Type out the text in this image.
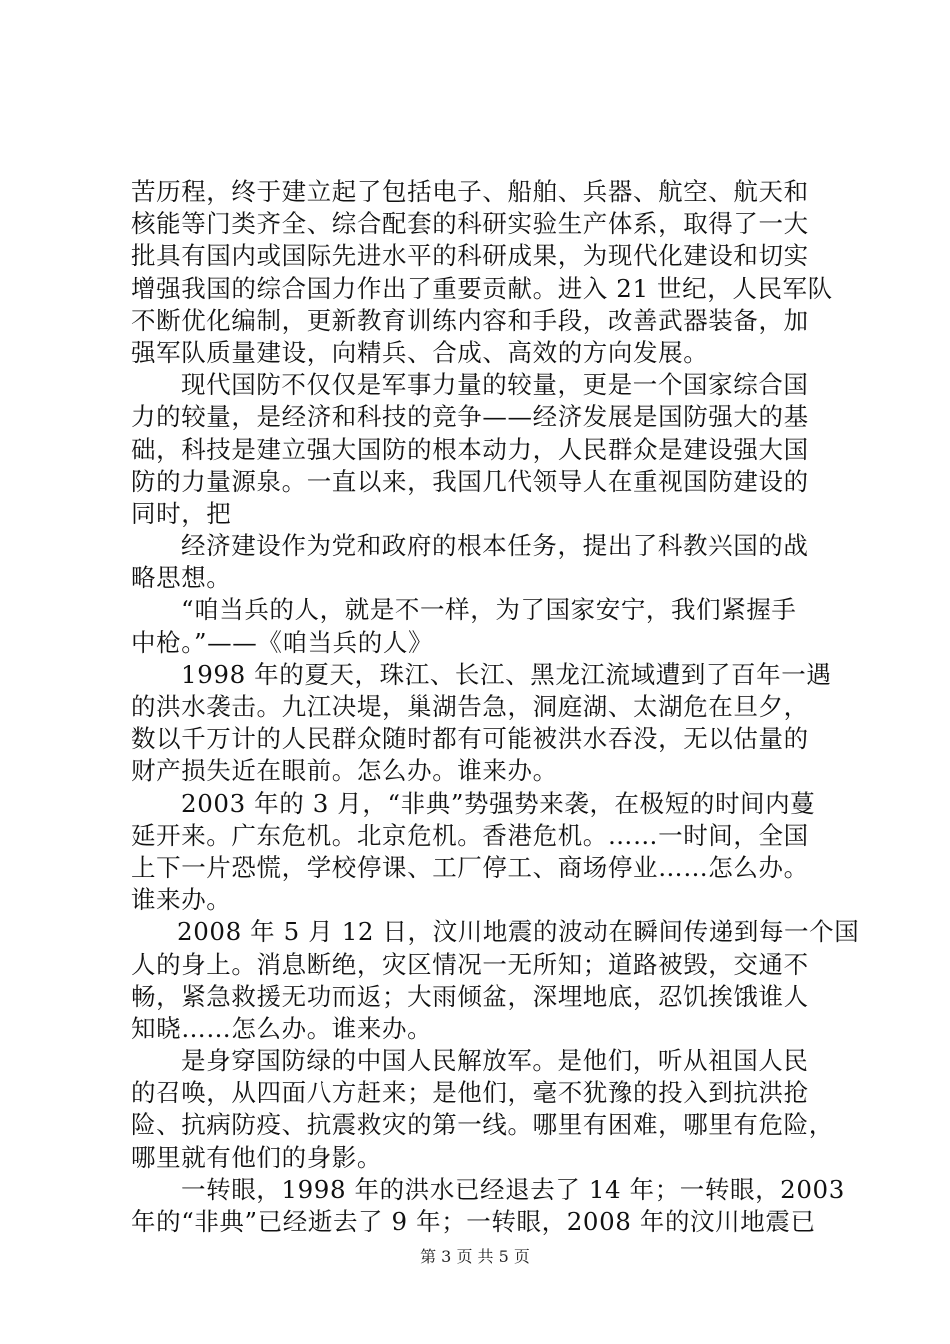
苦历程，终于建立起了包括电子、船舶、兵器、航空、航天和
核能等门类齐全、综合配套的科研实验生产体系，取得了一大
批具有国内或国际先进水平的科研成果，为现代化建设和切实
增强我国的综合国力作出了重要贡献。进入 21 世纪，人民军队
不断优化编制，更新教育训练内容和手段，改善武器装备，加
强军队质量建设，向精兵、合成、高效的方向发展。
现代国防不仅仅是军事力量的较量，更是一个国家综合国
力的较量，是经济和科技的竞争——经济发展是国防强大的基
础，科技是建立强大国防的根本动力，人民群众是建设强大国
防的力量源泉。一直以来，我国几代领导人在重视国防建设的
同时，把
经济建设作为党和政府的根本任务，提出了科教兴国的战
略思想。
“咱当兵的人，就是不一样，为了国家安宁，我们紧握手
中枪。”——《咱当兵的人》
1998 年的夏天，珠江、长江、黑龙江流域遭到了百年一遇
的洪水袭击。九江决堤，巢湖告急，洞庭湖、太湖危在旦夕，
数以千万计的人民群众随时都有可能被洪水吞没，无以估量的
财产损失近在眼前。怎么办。谁来办。
2003 年的 3 月，“非典”势强势来袭，在极短的时间内蔓
延开来。广东危机。北京危机。香港危机。……一时间，全国
上下一片恐慌，学校停课、工厂停工、商场停业……怎么办。
谁来办。
2008 年 5 月 12 日，汶川地震的波动在瞬间传递到每一个国
人的身上。消息断绝，灾区情况一无所知；道路被毁，交通不
畅，紧急救援无功而返；大雨倾盆，深埋地底，忍饥挨饿谁人
知晓……怎么办。谁来办。
是身穿国防绿的中国人民解放军。是他们，听从祖国人民
的召唤，从四面八方赶来；是他们，毫不犹豫的投入到抗洪抢
险、抗病防疫、抗震救灾的第一线。哪里有困难，哪里有危险，
哪里就有他们的身影。
一转眼，1998 年的洪水已经退去了 14 年；一转眼，2003
年的“非典”已经逝去了 9 年；一转眼，2008 年的汶川地震已
第 3 页 共 5 页
